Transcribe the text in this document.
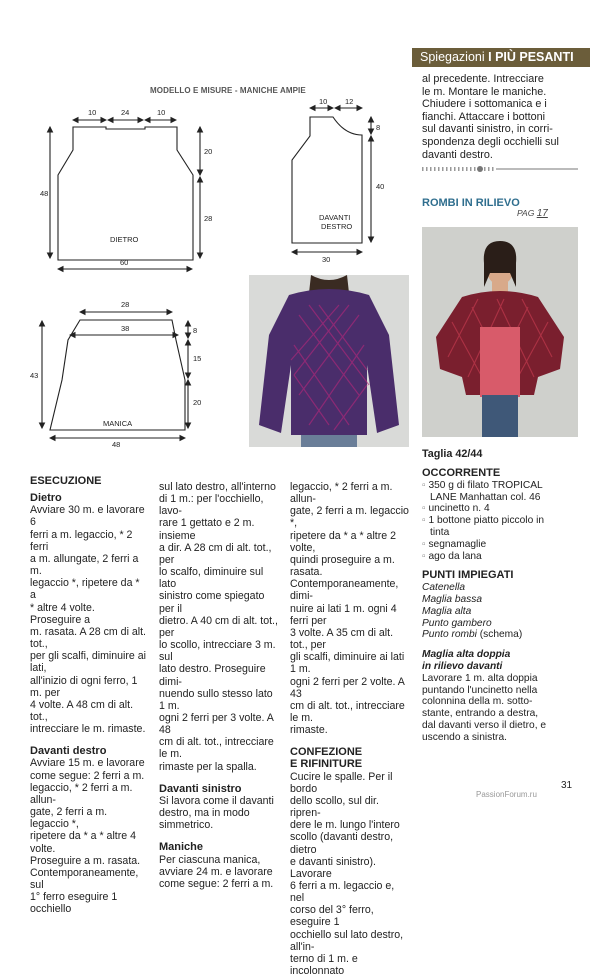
Spiegazioni I PIÙ PESANTI
MODELLO E MISURE - MANICHE AMPIE
10	24	10
20
28
48
60
DIETRO
10 12
8
40
30
DAVANTI
DESTRO
28
38	8
15
20
43
48
MANICA

ESECUZIONE

Dietro

Avviare 30 m. e lavorare 6

ferri a m. legaccio, * 2 ferri

a m. allungate, 2 ferri a m.

legaccio *, ripetere da * a

* altre 4 volte. Proseguire a

m. rasata. A 28 cm di alt. tot.,

per gli scalfi, diminuire ai lati,

all'inizio di ogni ferro, 1 m. per

4 volte. A 48 cm di alt. tot.,

intrecciare le m. rimaste.

Davanti destro

Avviare 15 m. e lavorare

come segue: 2 ferri a m.

legaccio, * 2 ferri a m. allun-

gate, 2 ferri a m. legaccio *,

ripetere da * a * altre 4 volte.

Proseguire a m. rasata.

Contemporaneamente, sul

1° ferro eseguire 1 occhiello

sul lato destro, all'interno

di 1 m.: per l'occhiello, lavo-

rare 1 gettato e 2 m. insieme

a dir. A 28 cm di alt. tot., per

lo scalfo, diminuire sul lato

sinistro come spiegato per il

dietro. A 40 cm di alt. tot., per

lo scollo, intrecciare 3 m. sul

lato destro. Proseguire dimi-

nuendo sullo stesso lato 1 m.

ogni 2 ferri per 3 volte. A 48

cm di alt. tot., intrecciare le m.

rimaste per la spalla.

Davanti sinistro

Si lavora come il davanti

destro, ma in modo

simmetrico.

Maniche

Per ciascuna manica,

avviare 24 m. e lavorare

come segue: 2 ferri a m.

legaccio, * 2 ferri a m. allun-

gate, 2 ferri a m. legaccio *,

ripetere da * a * altre 2 volte,

quindi proseguire a m. rasata.

Contemporaneamente, dimi-

nuire ai lati 1 m. ogni 4 ferri per

3 volte. A 35 cm di alt. tot., per

gli scalfi, diminuire ai lati 1 m.

ogni 2 ferri per 2 volte. A 43

cm di alt. tot., intrecciare le m.

rimaste.

CONFEZIONE

E RIFINITURE

Cucire le spalle. Per il bordo

dello scollo, sul dir. ripren-

dere le m. lungo l'intero

scollo (davanti destro, dietro

e davanti sinistro). Lavorare

6 ferri a m. legaccio e, nel

corso del 3° ferro, eseguire 1

occhiello sul lato destro, all'in-

terno di 1 m. e incolonnato

al precedente. Intrecciare

le m. Montare le maniche.

Chiudere i sottomanica e i

fianchi. Attaccare i bottoni

sul davanti sinistro, in corri-

spondenza degli occhielli sul

davanti destro.

ROMBI IN RILIEVO
PAG 17
Taglia 42/44

OCCORRENTE

▫ 350 g di filato TROPICAL

LANE Manhattan col. 46

▫ uncinetto n. 4

▫ 1 bottone piatto piccolo in

tinta

▫ segnamaglie

▫ ago da lana

PUNTI IMPIEGATI

Catenella

Maglia bassa

Maglia alta

Punto gambero

Punto rombi (schema)

Maglia alta doppia

in rilievo davanti

Lavorare 1 m. alta doppia

puntando l'uncinetto nella

colonnina della m. sotto-

stante, entrando a destra,

dal davanti verso il dietro, e

uscendo a sinistra.

31
PassionForum.ru
